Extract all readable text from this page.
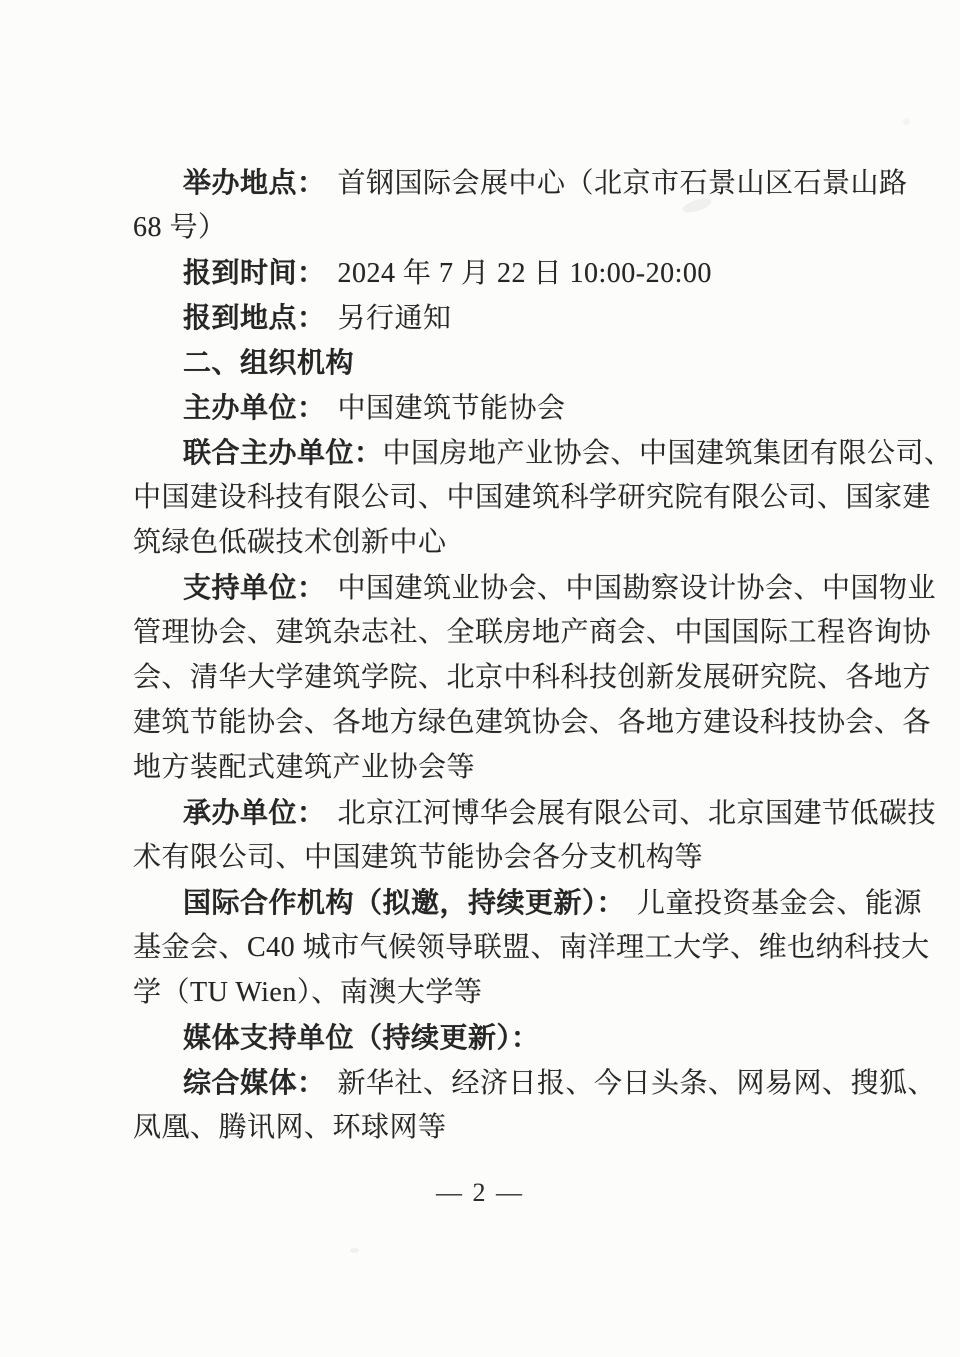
举办地点： 首钢国际会展中心（北京市石景山区石景山路
68 号）
报到时间： 2024 年 7 月 22 日 10:00-20:00
报到地点： 另行通知
二、组织机构
主办单位： 中国建筑节能协会
联合主办单位：中国房地产业协会、中国建筑集团有限公司、
中国建设科技有限公司、中国建筑科学研究院有限公司、国家建
筑绿色低碳技术创新中心
支持单位： 中国建筑业协会、中国勘察设计协会、中国物业
管理协会、建筑杂志社、全联房地产商会、中国国际工程咨询协
会、清华大学建筑学院、北京中科科技创新发展研究院、各地方
建筑节能协会、各地方绿色建筑协会、各地方建设科技协会、各
地方装配式建筑产业协会等
承办单位： 北京江河博华会展有限公司、北京国建节低碳技
术有限公司、中国建筑节能协会各分支机构等
国际合作机构（拟邀，持续更新）： 儿童投资基金会、能源
基金会、C40 城市气候领导联盟、南洋理工大学、维也纳科技大
学（TU Wien）、南澳大学等
媒体支持单位（持续更新）：
综合媒体： 新华社、经济日报、今日头条、网易网、搜狐、
凤凰、腾讯网、环球网等
— 2 —
